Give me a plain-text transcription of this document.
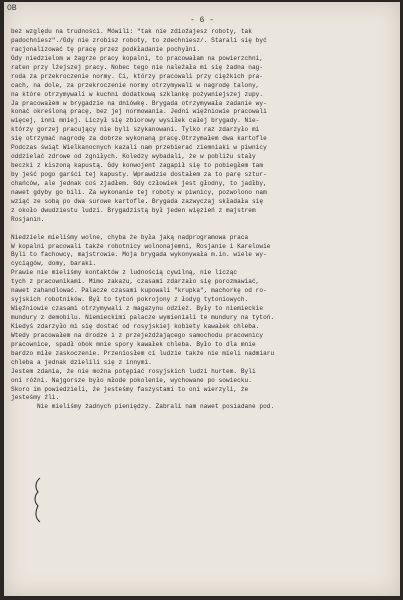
OB
- 6 -
bez względu na trudności. Mówili: "tak nie zdiożajesz roboty, tak
padochniesz"./Gdy nie zrobisz roboty, to zdechniesz/. Starali się być
racjonalizować tę pracę przez podkładanie pochyłni.
Gdy niedzielom w żagrze pracy kopalni, to pracowałam na powierzchni,
raten przy lżejszej pracy. Nobec tego nie należała mi się żadna nag-
roda za przekroczenie normy. Ci, którzy pracowali przy ciężkich pra-
cach, na dole, za przekroczenie normy otrzymywali w nagrodę talony,
na które otrzymywali w kuchni dodatkową szklankę pożywniejszej zupy.
Ja pracowałem w brygadzie na dniówkę. Brygada otrzymywała zadanie wy-
konać określoną pracę, bez jej normowania. Jedni więźniowie pracowali
więcej, inni mniej. Liczył się zbiorowy wysiłek całej brygady. Nie-
którzy gorzej pracujący nie byli szykanowani. Tylko raz zdarzyło mi
się otrzymać nagrodę za dobrze wykonaną pracę.Otrzymałem dwa kartofle
Podczas świąt Wielkanocnych kazali nam przebierać ziemniaki w piwnicy
oddzielać zdrowe od zgniłych. Koledzy wybadali, że w pobliżu stały
beczki z kiszoną kapustą. Gdy konwojent zagapił się to pobiegłem tam
by jeść pogo garści tej kapusty. Wprawdzie dostałem za to parę sztur-
chańców, ale jednak coś zjadłem. Gdy człowiek jest głodny, to jadłby,
nawet gdyby go bili. Za wykonanie tej roboty w piwnicy, pozwolono nam
wziąć ze sobą po dwa surowe kartofle. Brygada zazwyczaj składała się
z około dwudziestu ludzi. Brygadzistą był jeden więzień z majstrem
Rosjanin.
Niedziele mieliśmy wolne, chyba że była jaką nadprogramowa praca
W kopalni pracowali także robotnicy wolnonajemni, Rosjanie i Karelowie
Byli to fachowcy, majstrowie. Moja brygada wykonywała m.in. wiele wy-
cyciągów, domy, baraki.
Prawie nie mieliśmy kontaktów z ludnością cywilną, nie licząc
tych z pracownikami. Mimo zakazu, czasami zdarzało się porozmawiać,
nawet zahandlować. Palacze czasami kupowali "krupka", machorkę od ro-
syjskich robotników. Był to tytoń pokrojony z łodyg tytoniowych.
Więźniowie czasami otrzymywali z magazynu odzież. Były to niemieckie
mundury z demobilu. Niemieckimi palacze wymieniali te mundury na tytoń.
Kiedyś zdarzyło mi się dostać od rosyjskiej kobiety kawałek chleba.
Wtedy pracowałem na drodze i z przejeżdżającego samochodu pracownicy
pracownice, spadł obok mnie spory kawałek chleba. Było to dla mnie
bardzo miłe zaskoczenie. Przeniosłem ci ludzie także nie mieli nadmiaru
chleba a jednak dzielili się z innymi.
Jestem zdania, że nie można potępiać rosyjskich ludzi hurtem. Byli
oni różni. Najgorsze było młode pokolenie, wychowane po sowiecku.
Skoro im powiedzieli, że jesteśmy faszystami to oni wierzyli, że
jesteśmy źli.
Nie mieliśmy żadnych pieniędzy. Zabrali nam nawet posiadane pod.
